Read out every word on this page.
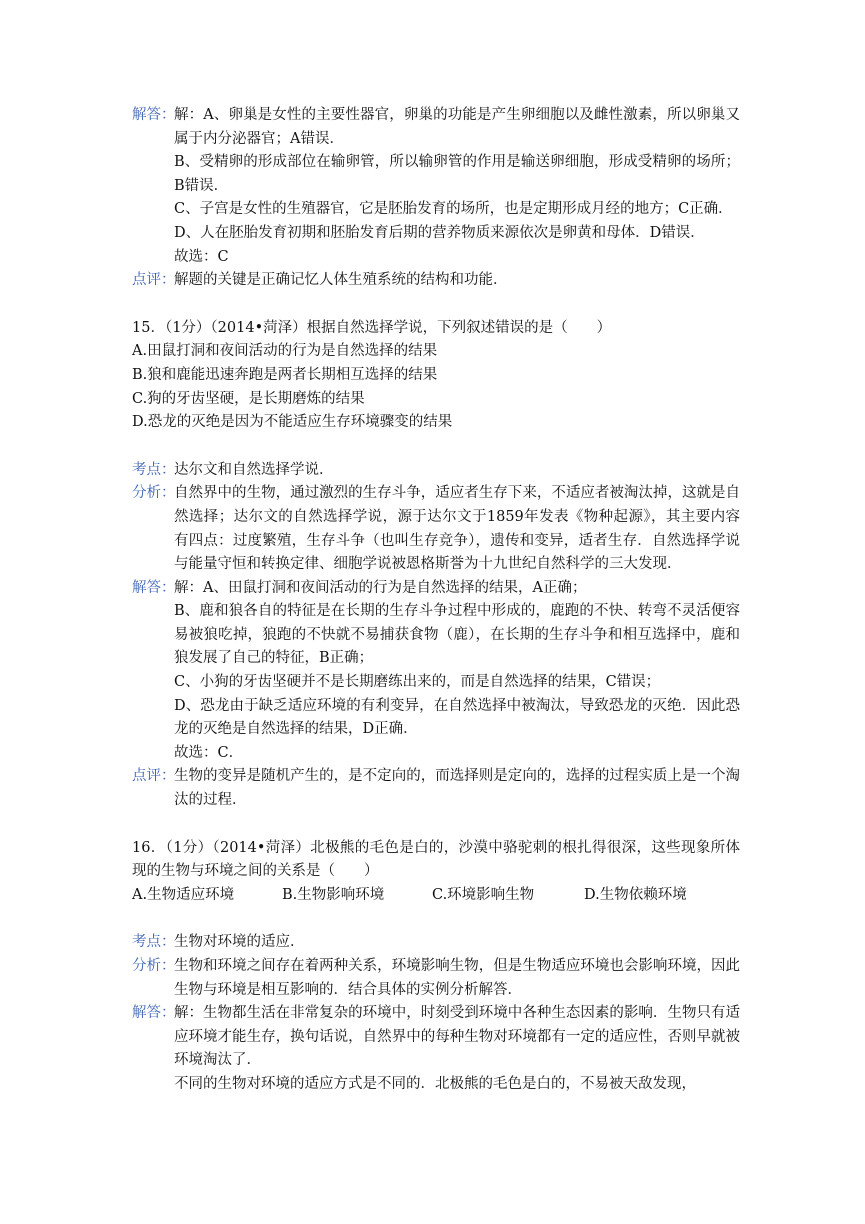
解答：

解：A、卵巢是女性的主要性器官，卵巢的功能是产生卵细胞以及雌性激素，所以卵巢又属于内分泌器官；A错误．

B、受精卵的形成部位在输卵管，所以输卵管的作用是输送卵细胞，形成受精卵的场所；B错误．

C、子宫是女性的生殖器官，它是胚胎发育的场所，也是定期形成月经的地方；C正确．

D、人在胚胎发育初期和胚胎发育后期的营养物质来源依次是卵黄和母体．D错误．

故选：C

点评：

解题的关键是正确记忆人体生殖系统的结构和功能．

15．（1分）（2014•菏泽）根据自然选择学说，下列叙述错误的是（　　）

A.田鼠打洞和夜间活动的行为是自然选择的结果

B.狼和鹿能迅速奔跑是两者长期相互选择的结果

C.狗的牙齿坚硬，是长期磨炼的结果

D.恐龙的灭绝是因为不能适应生存环境骤变的结果

考点：

达尔文和自然选择学说．

分析：

自然界中的生物，通过激烈的生存斗争，适应者生存下来，不适应者被淘汰掉，这就是自然选择；达尔文的自然选择学说，源于达尔文于1859年发表《物种起源》，其主要内容有四点：过度繁殖，生存斗争（也叫生存竞争），遗传和变异，适者生存．自然选择学说与能量守恒和转换定律、细胞学说被恩格斯誉为十九世纪自然科学的三大发现．

解答：

解：A、田鼠打洞和夜间活动的行为是自然选择的结果，A正确；

B、鹿和狼各自的特征是在长期的生存斗争过程中形成的，鹿跑的不快、转弯不灵活便容易被狼吃掉，狼跑的不快就不易捕获食物（鹿），在长期的生存斗争和相互选择中，鹿和狼发展了自己的特征，B正确；

C、小狗的牙齿坚硬并不是长期磨练出来的，而是自然选择的结果，C错误；

D、恐龙由于缺乏适应环境的有利变异，在自然选择中被淘汰，导致恐龙的灭绝．因此恐龙的灭绝是自然选择的结果，D正确．

故选：C．

点评：

生物的变异是随机产生的，是不定向的，而选择则是定向的，选择的过程实质上是一个淘汰的过程．

16．（1分）（2014•菏泽）北极熊的毛色是白的，沙漠中骆驼刺的根扎得很深，这些现象所体现的生物与环境之间的关系是（　　）

A.生物适应环境	B.生物影响环境	C.环境影响生物	D.生物依赖环境
考点：

生物对环境的适应．

分析：

生物和环境之间存在着两种关系，环境影响生物，但是生物适应环境也会影响环境，因此生物与环境是相互影响的．结合具体的实例分析解答．

解答：

解：生物都生活在非常复杂的环境中，时刻受到环境中各种生态因素的影响．生物只有适应环境才能生存，换句话说，自然界中的每种生物对环境都有一定的适应性，否则早就被环境淘汰了．

不同的生物对环境的适应方式是不同的．北极熊的毛色是白的，不易被天敌发现，
